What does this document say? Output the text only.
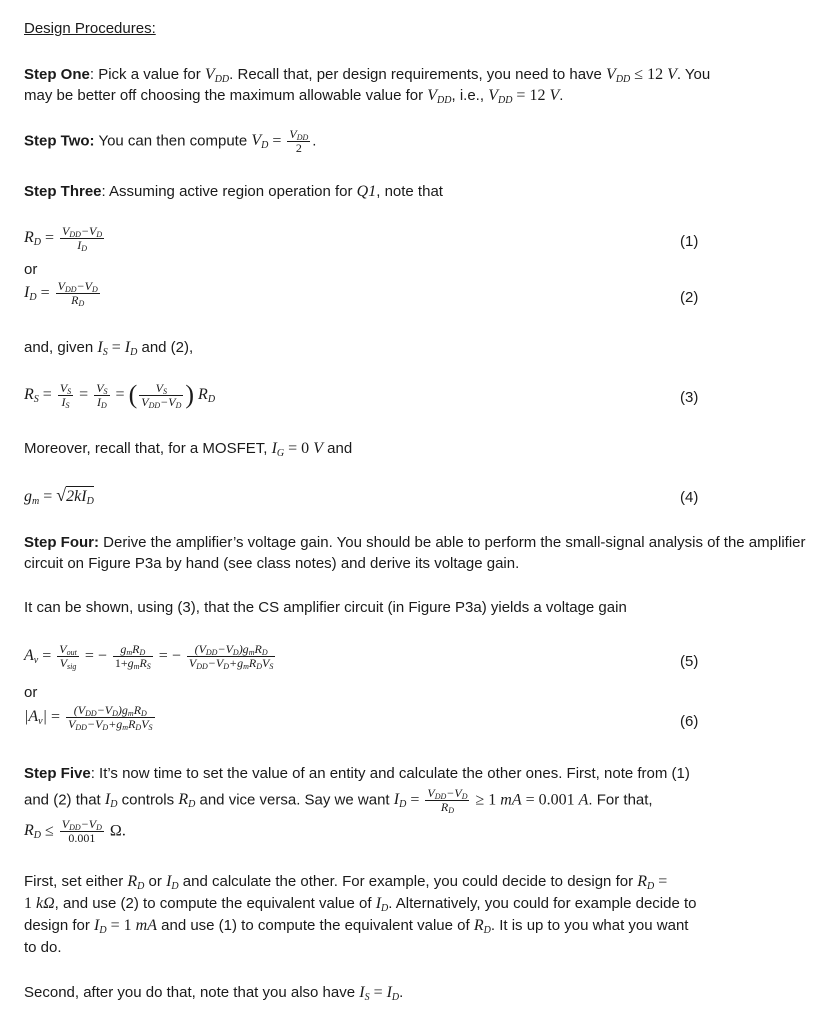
Design Procedures:
Step One: Pick a value for $V_{DD}$. Recall that, per design requirements, you need to have $V_{DD} \le 12$ V. You
may be better off choosing the maximum allowable value for $V_{DD}$, i.e., $V_{DD} = 12$ V.
Step Two: You can then compute $V_D = \frac{V_{DD}}{2}$ .
Step Three: Assuming active region operation for Q1, note that
$R_D = \frac{V_{DD}-V_D}{I_D}$	(1)
or
$I_D = \frac{V_{DD}-V_D}{R_D}$	(2)
and, given $I_S = I_D$ and (2),
$R_S = \frac{V_S}{I_S} = \frac{V_S}{I_D}$ = ( $\frac{V_S}{V_{DD}-V_D}$ ) $R_D$	(3)
Moreover, recall that, for a MOSFET, $I_G = 0$ V and
$g_m = √2kI_D$	(4)
Step Four: Derive the amplifier’s voltage gain. You should be able to perform the small-signal analysis of the amplifier circuit on Figure P3a by hand (see class notes) and derive its voltage gain.
It can be shown, using (3), that the CS amplifier circuit (in Figure P3a) yields a voltage gain
$A_v = \frac{V_{out}}{V_{sig}}$ = − $\frac{g_mR_D}{1+g_mR_S}$ = − $\frac{(V_{DD}-V_D)g_mR_D}{V_{DD}-V_D+g_mR_DV_S}$	(5)
or
$|A_v| = \frac{(V_{DD}-V_D)g_mR_D}{V_{DD}-V_D+g_mR_DV_S}$	(6)
Step Five: It’s now time to set the value of an entity and calculate the other ones. First, note from (1)
and (2) that $I_D$ controls $R_D$ and vice versa. Say we want $I_D = \frac{V_{DD}-V_D}{R_D} \ge 1$ mA = 0.001 A. For that,
$R_D \le \frac{V_{DD}-V_D}{0.001} \Omega$.
First, set either $R_D$ or $I_D$ and calculate the other. For example, you could decide to design for $R_D$ =
1 kΩ, and use (2) to compute the equivalent value of $I_D$. Alternatively, you could for example decide to
design for $I_D = 1$ mA and use (1) to compute the equivalent value of $R_D$. It is up to you what you want
to do.
Second, after you do that, note that you also have $I_S = I_D$.
